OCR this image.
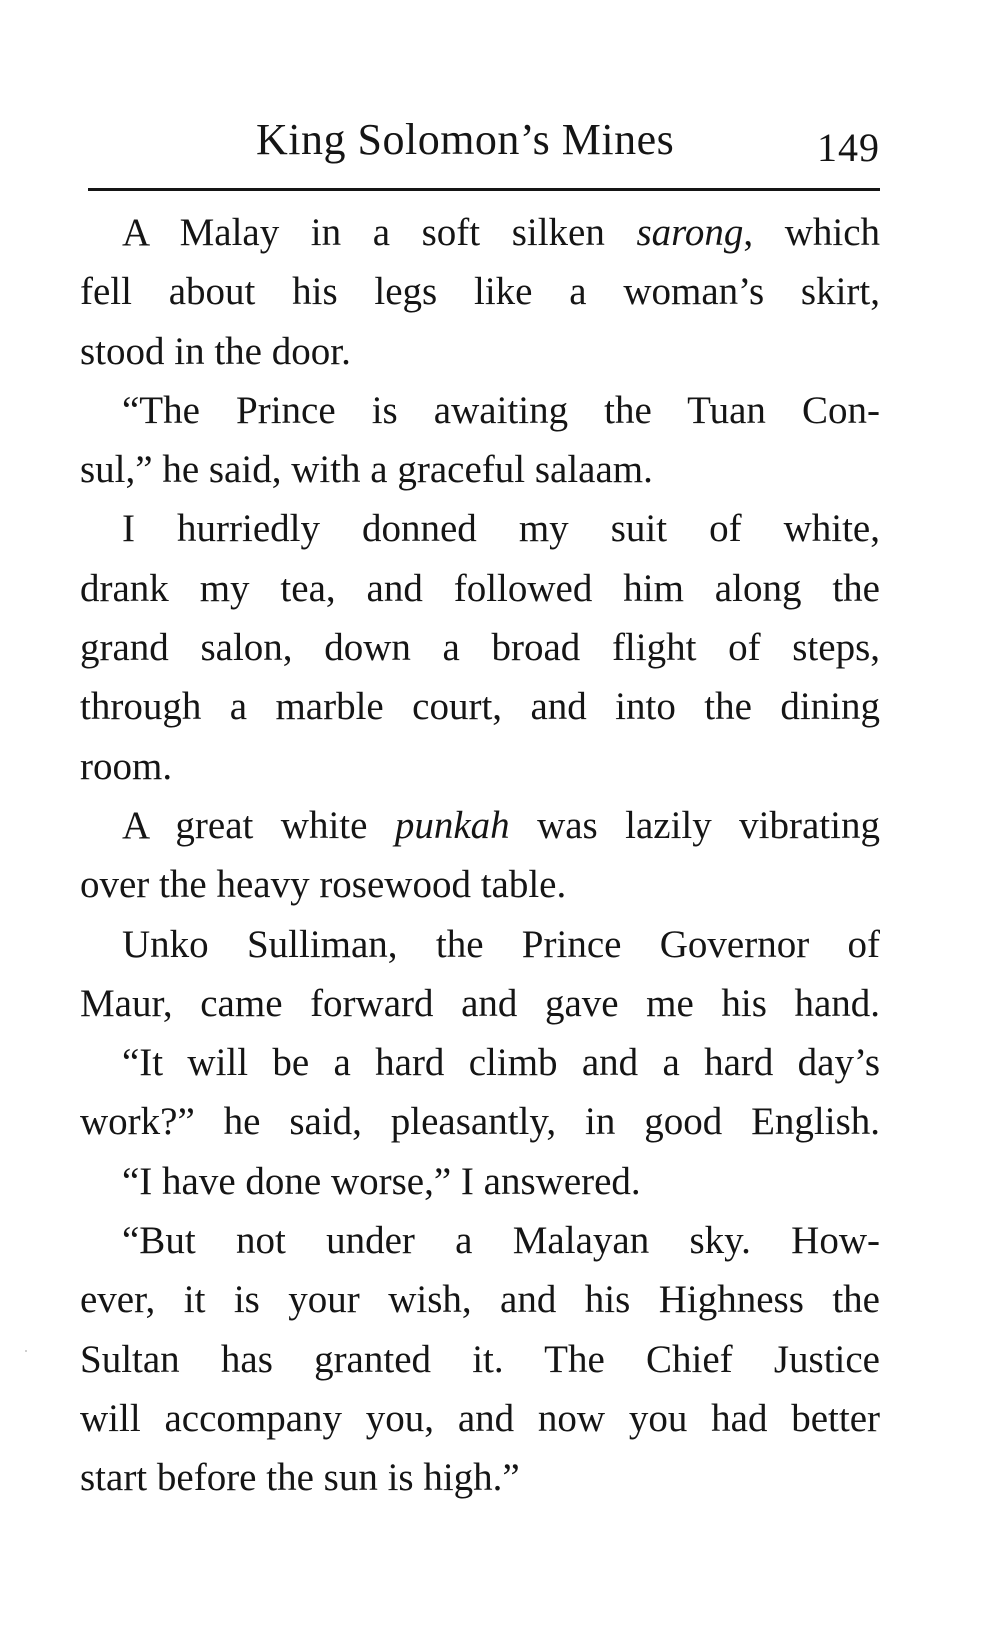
King Solomon’s Mines	149
A Malay in a soft silken sarong, which
fell about his legs like a woman’s skirt,
stood in the door.
“The Prince is awaiting the Tuan Con-
sul,” he said, with a graceful salaam.
I hurriedly donned my suit of white,
drank my tea, and followed him along the
grand salon, down a broad flight of steps,
through a marble court, and into the dining
room.
A great white punkah was lazily vibrating
over the heavy rosewood table.
Unko Sulliman, the Prince Governor of
Maur, came forward and gave me his hand.
“It will be a hard climb and a hard day’s
work?” he said, pleasantly, in good English.
“I have done worse,” I answered.
“But not under a Malayan sky. How-
ever, it is your wish, and his Highness the
Sultan has granted it. The Chief Justice
will accompany you, and now you had better
start before the sun is high.”
